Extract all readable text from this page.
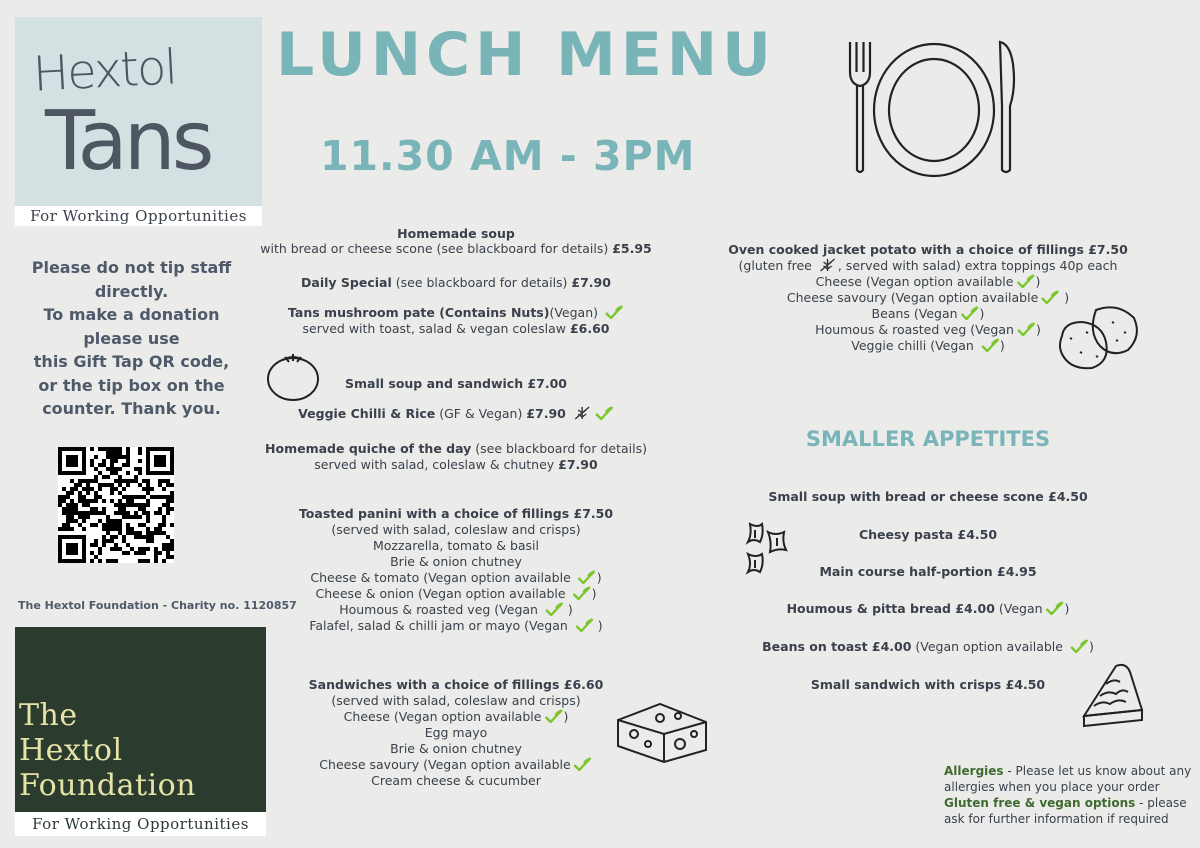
Hextol
Tans
For Working Opportunities
Please do not tip staff
directly.
To make a donation
please use
this Gift Tap QR code,
or the tip box on the
counter. Thank you.
The Hextol Foundation - Charity no. 1120857
The
Hextol
Foundation
For Working Opportunities
LUNCH MENU
11.30 AM - 3PM
Homemade soup
with bread or cheese scone (see blackboard for details) £5.95
Daily Special (see blackboard for details) £7.90
Tans mushroom pate (Contains Nuts)(Vegan)
served with toast, salad & vegan coleslaw £6.60
Small soup and sandwich £7.00
Veggie Chilli & Rice (GF & Vegan) £7.90
Homemade quiche of the day (see blackboard for details)
served with salad, coleslaw & chutney £7.90
Toasted panini with a choice of fillings £7.50
(served with salad, coleslaw and crisps)
Mozzarella, tomato & basil
Brie & onion chutney
Cheese & tomato (Vegan option available )
Cheese & onion (Vegan option available )
Houmous & roasted veg (Vegan  )
Falafel, salad & chilli jam or mayo (Vegan  )
Sandwiches with a choice of fillings £6.60
(served with salad, coleslaw and crisps)
Cheese (Vegan option available )
Egg mayo
Brie & onion chutney
Cheese savoury (Vegan option available
Cream cheese & cucumber
Oven cooked jacket potato with a choice of fillings £7.50
(gluten free , served with salad) extra toppings 40p each
Cheese (Vegan option available )
Cheese savoury (Vegan option available )
Beans (Vegan )
Houmous & roasted veg (Vegan )
Veggie chilli (Vegan )
SMALLER APPETITES
Small soup with bread or cheese scone £4.50
Cheesy pasta £4.50
Main course half-portion £4.95
Houmous & pitta bread £4.00 (Vegan )
Beans on toast £4.00 (Vegan option available )
Small sandwich with crisps £4.50
Allergies - Please let us know about any allergies when you place your order
Gluten free & vegan options - please ask for further information if required
